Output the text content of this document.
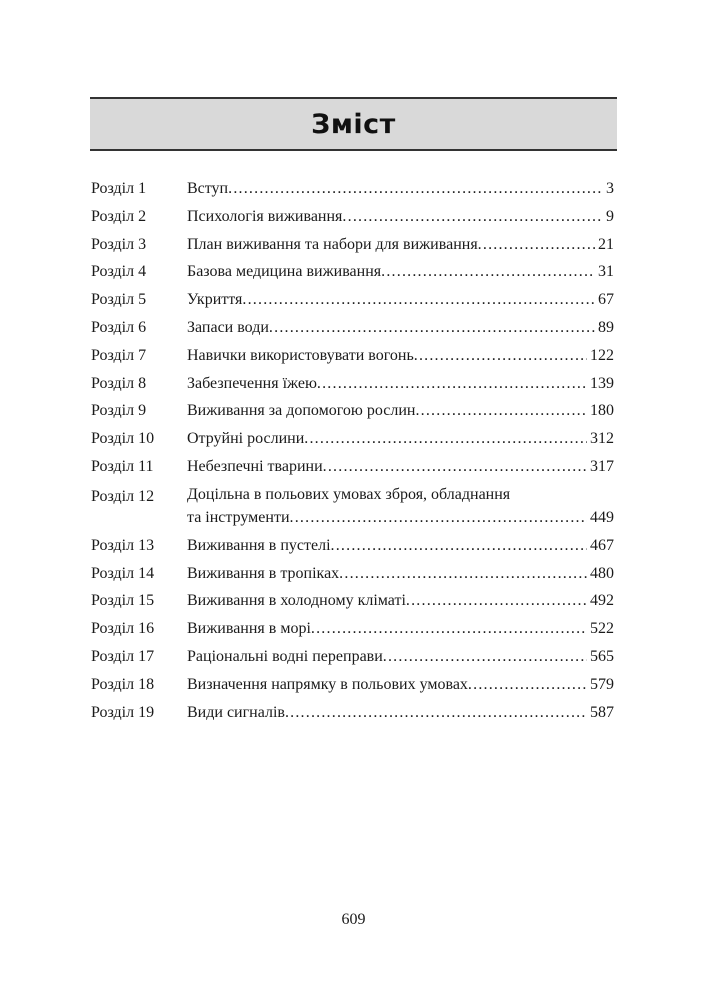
Зміст
Розділ 1	Вступ . . .	3
Розділ 2	Психологія виживання . . .	9
Розділ 3	План виживання та набори для виживання . . .	21
Розділ 4	Базова медицина виживання . . .	31
Розділ 5	Укриття . . .	67
Розділ 6	Запаси води . . .	89
Розділ 7	Навички використовувати вогонь . . .	122
Розділ 8	Забезпечення їжею . . .	139
Розділ 9	Виживання за допомогою рослин . . .	180
Розділ 10	Отруйні рослини . . .	312
Розділ 11	Небезпечні тварини . . .	317
Розділ 12	Доцільна в польових умовах зброя, обладнання
та інструменти . . .	449
Розділ 13	Виживання в пустелі . . .	467
Розділ 14	Виживання в тропіках . . .	480
Розділ 15	Виживання в холодному кліматі . . .	492
Розділ 16	Виживання в морі . . .	522
Розділ 17	Раціональні водні переправи . . .	565
Розділ 18	Визначення напрямку в польових умовах . . .	579
Розділ 19	Види сигналів . . .	587
609
